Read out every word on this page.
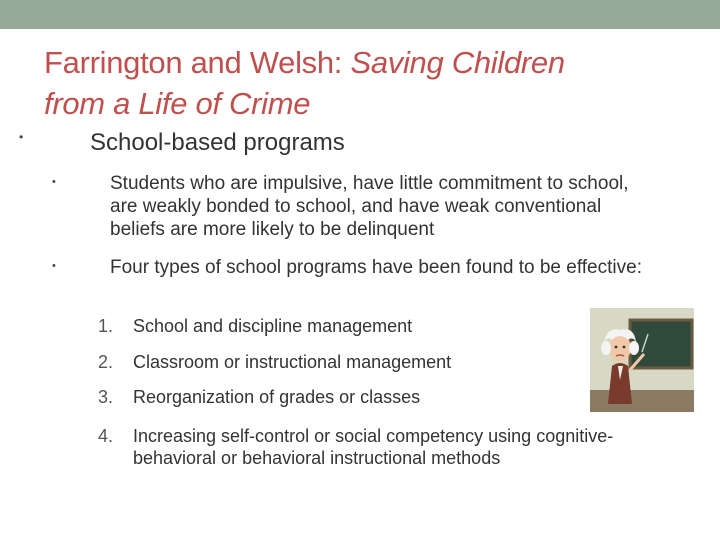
Farrington and Welsh: Saving Children
from a Life of Crime
•	School-based programs
•	Students who are impulsive, have little commitment to school, are weakly bonded to school, and have weak conventional beliefs are more likely to be delinquent
•	Four types of school programs have been found to be effective:
1. School and discipline management
2. Classroom or instructional management
3. Reorganization of grades or classes
4. Increasing self-control or social competency using cognitive-behavioral or behavioral instructional methods
